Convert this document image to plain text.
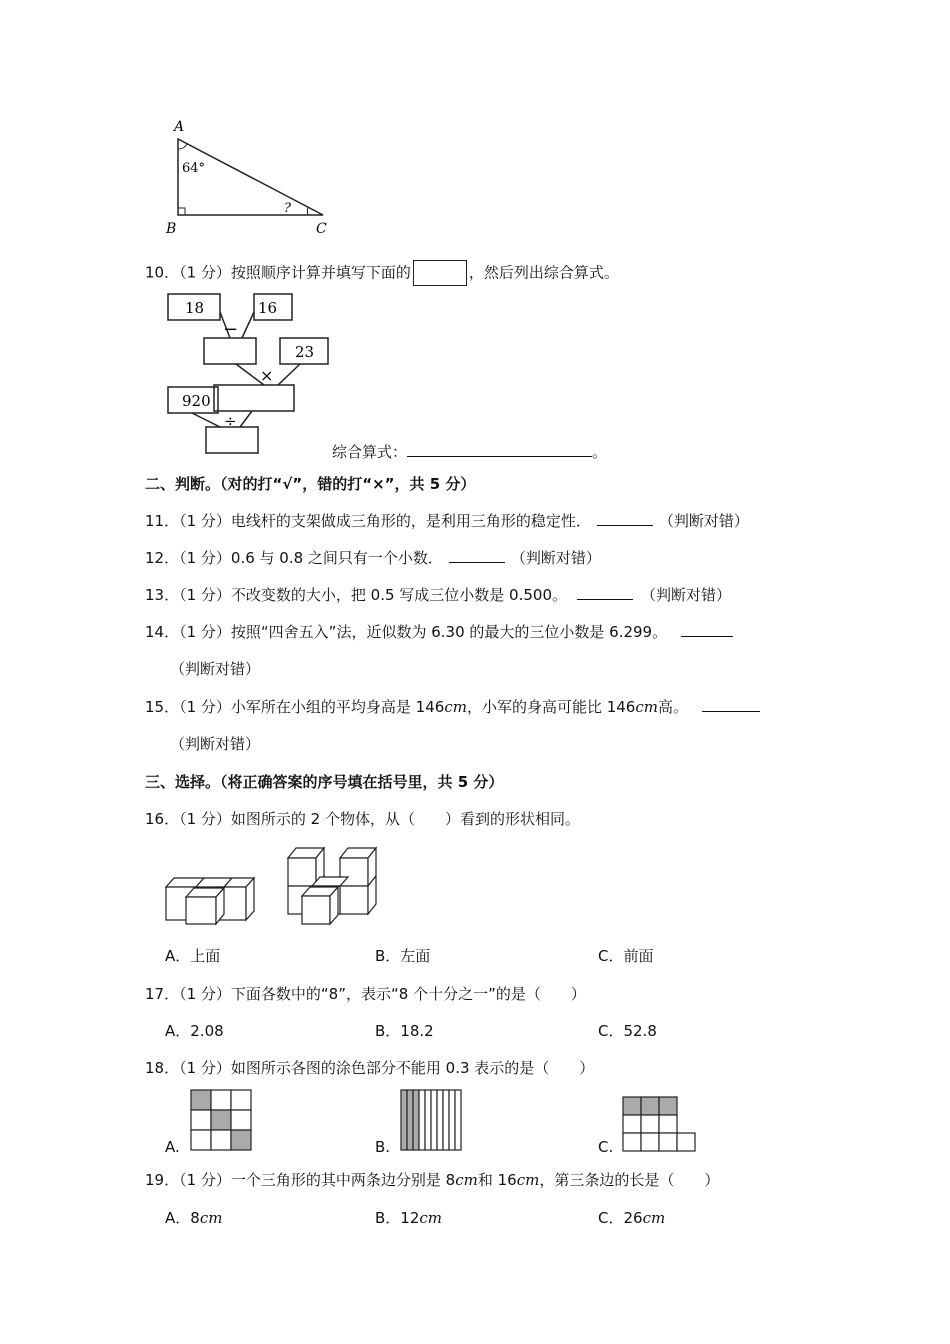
A
B	C
64°
?
10．（1 分）按照顺序计算并填写下面的	，然后列出综合算式。
18	16
−
23
×
920
÷
综合算式：	。
二、判断。（对的打“√”，错的打“×”，共 5 分）
11．（1 分）电线杆的支架做成三角形的，是利用三角形的稳定性．	（判断对错）
12．（1 分）0.6 与 0.8 之间只有一个小数．	（判断对错）
13．（1 分）不改变数的大小，把 0.5 写成三位小数是 0.500。	（判断对错）
14．（1 分）按照“四舍五入”法，近似数为 6.30 的最大的三位小数是 6.299。
（判断对错）
15．（1 分）小军所在小组的平均身高是 146cm，小军的身高可能比 146cm高。
（判断对错）
三、选择。（将正确答案的序号填在括号里，共 5 分）
16．（1 分）如图所示的 2 个物体，从（　　）看到的形状相同。
A．上面	B．左面	C．前面
17．（1 分）下面各数中的“8”，表示“8 个十分之一”的是（　　）
A．2.08	B．18.2	C．52.8
18．（1 分）如图所示各图的涂色部分不能用 0.3 表示的是（　　）
A.	B.	C.
19．（1 分）一个三角形的其中两条边分别是 8cm和 16cm，第三条边的长是（　　）
A．8cm	B．12cm	C．26cm
